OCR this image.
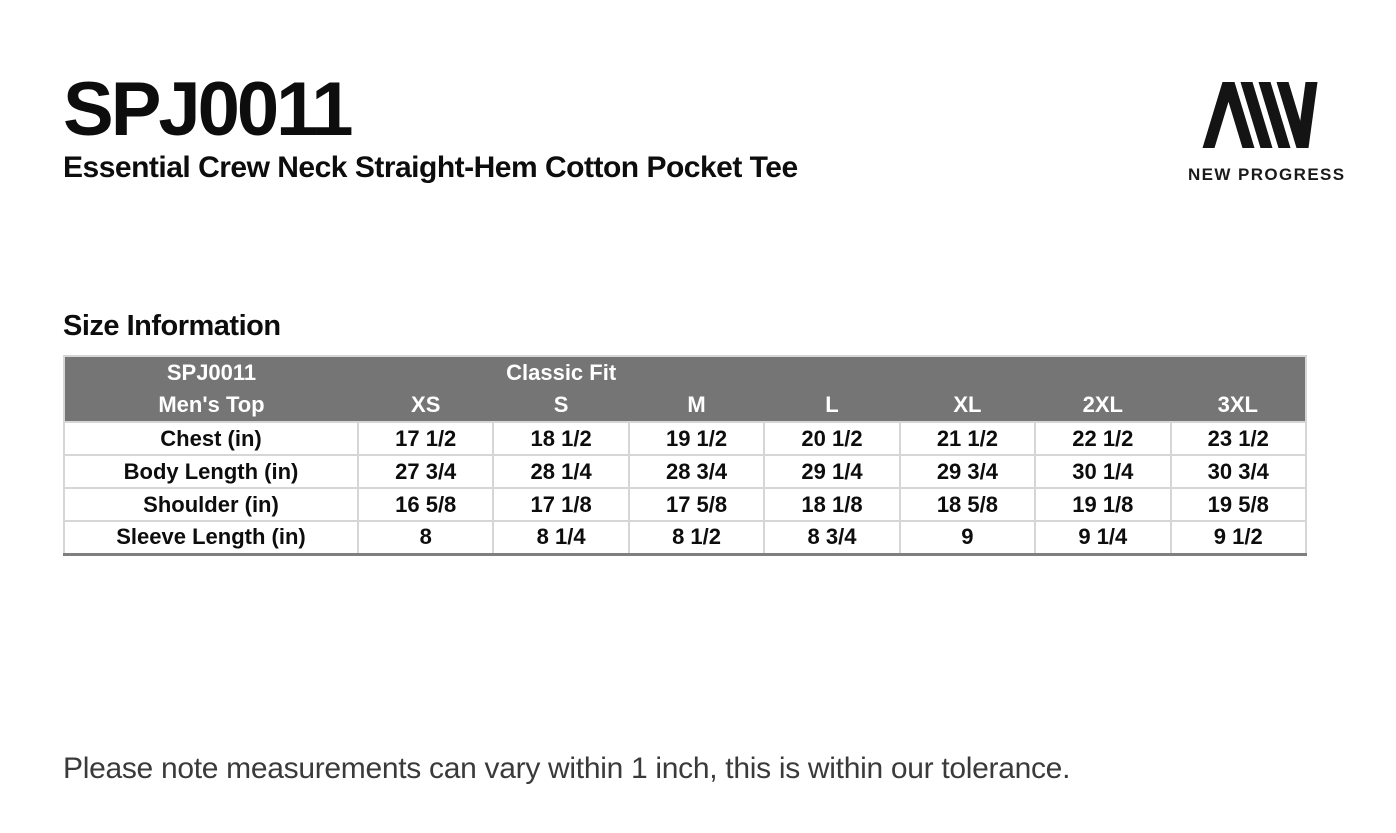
SPJ0011
Essential Crew Neck Straight-Hem Cotton Pocket Tee	NEW PROGRESS
Size Information
SPJ0011		Classic Fit					
Men's Top	XS	S	M	L	XL	2XL	3XL
Chest (in)	17 1/2	18 1/2	19 1/2	20 1/2	21 1/2	22 1/2	23 1/2
Body Length (in)	27 3/4	28 1/4	28 3/4	29 1/4	29 3/4	30 1/4	30 3/4
Shoulder (in)	16 5/8	17 1/8	17 5/8	18 1/8	18 5/8	19 1/8	19 5/8
Sleeve Length (in)	8	8 1/4	8 1/2	8 3/4	9	9 1/4	9 1/2

Please note measurements can vary within 1 inch, this is within our tolerance.
